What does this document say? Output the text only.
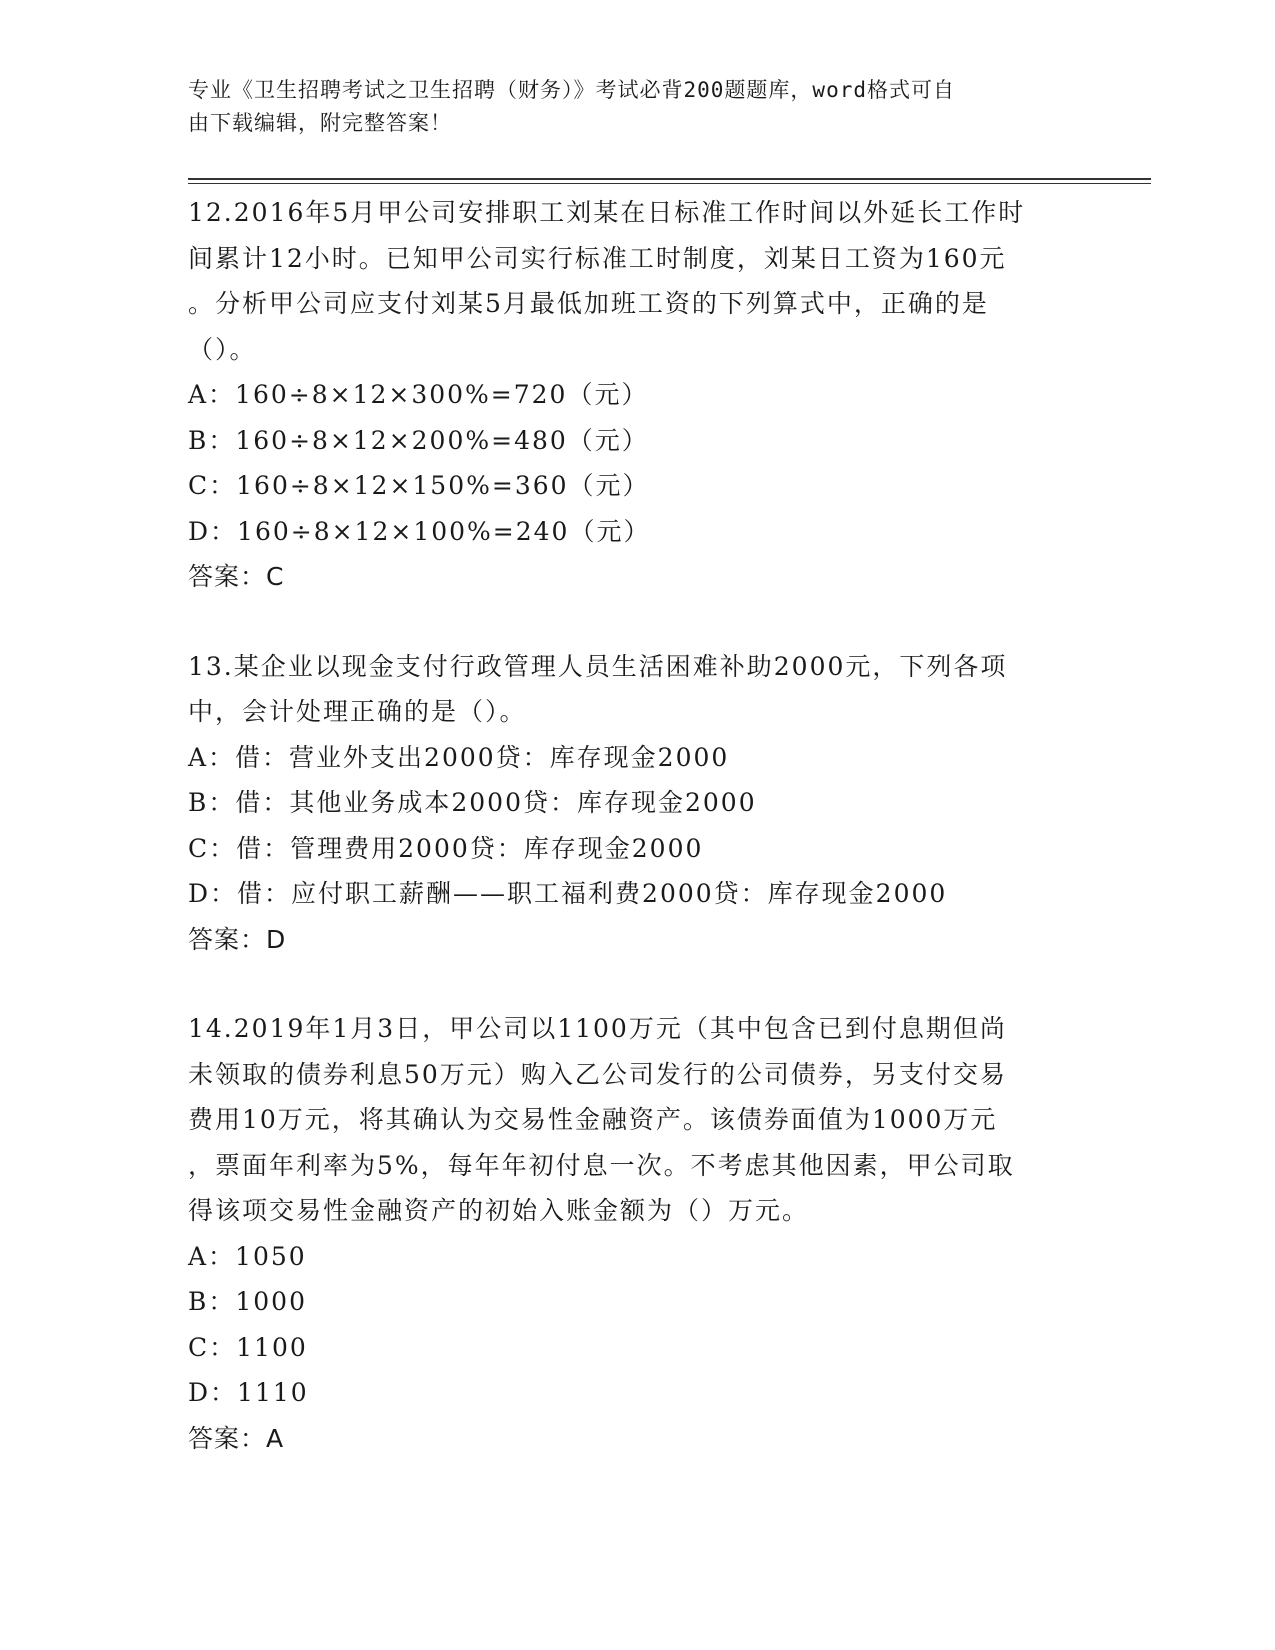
专业《卫生招聘考试之卫生招聘（财务）》考试必背200题题库，word格式可自
由下载编辑，附完整答案！
12.2016年5月甲公司安排职工刘某在日标准工作时间以外延长工作时
间累计12小时。已知甲公司实行标准工时制度，刘某日工资为160元
。分析甲公司应支付刘某5月最低加班工资的下列算式中，正确的是
（）。
A：160÷8×12×300%=720（元）
B：160÷8×12×200%=480（元）
C：160÷8×12×150%=360（元）
D：160÷8×12×100%=240（元）
答案：C
13.某企业以现金支付行政管理人员生活困难补助2000元，下列各项
中，会计处理正确的是（）。
A：借：营业外支出2000贷：库存现金2000
B：借：其他业务成本2000贷：库存现金2000
C：借：管理费用2000贷：库存现金2000
D：借：应付职工薪酬——职工福利费2000贷：库存现金2000
答案：D
14.2019年1月3日，甲公司以1100万元（其中包含已到付息期但尚
未领取的债券利息50万元）购入乙公司发行的公司债券，另支付交易
费用10万元，将其确认为交易性金融资产。该债券面值为1000万元
，票面年利率为5%，每年年初付息一次。不考虑其他因素，甲公司取
得该项交易性金融资产的初始入账金额为（）万元。
A：1050
B：1000
C：1100
D：1110
答案：A
